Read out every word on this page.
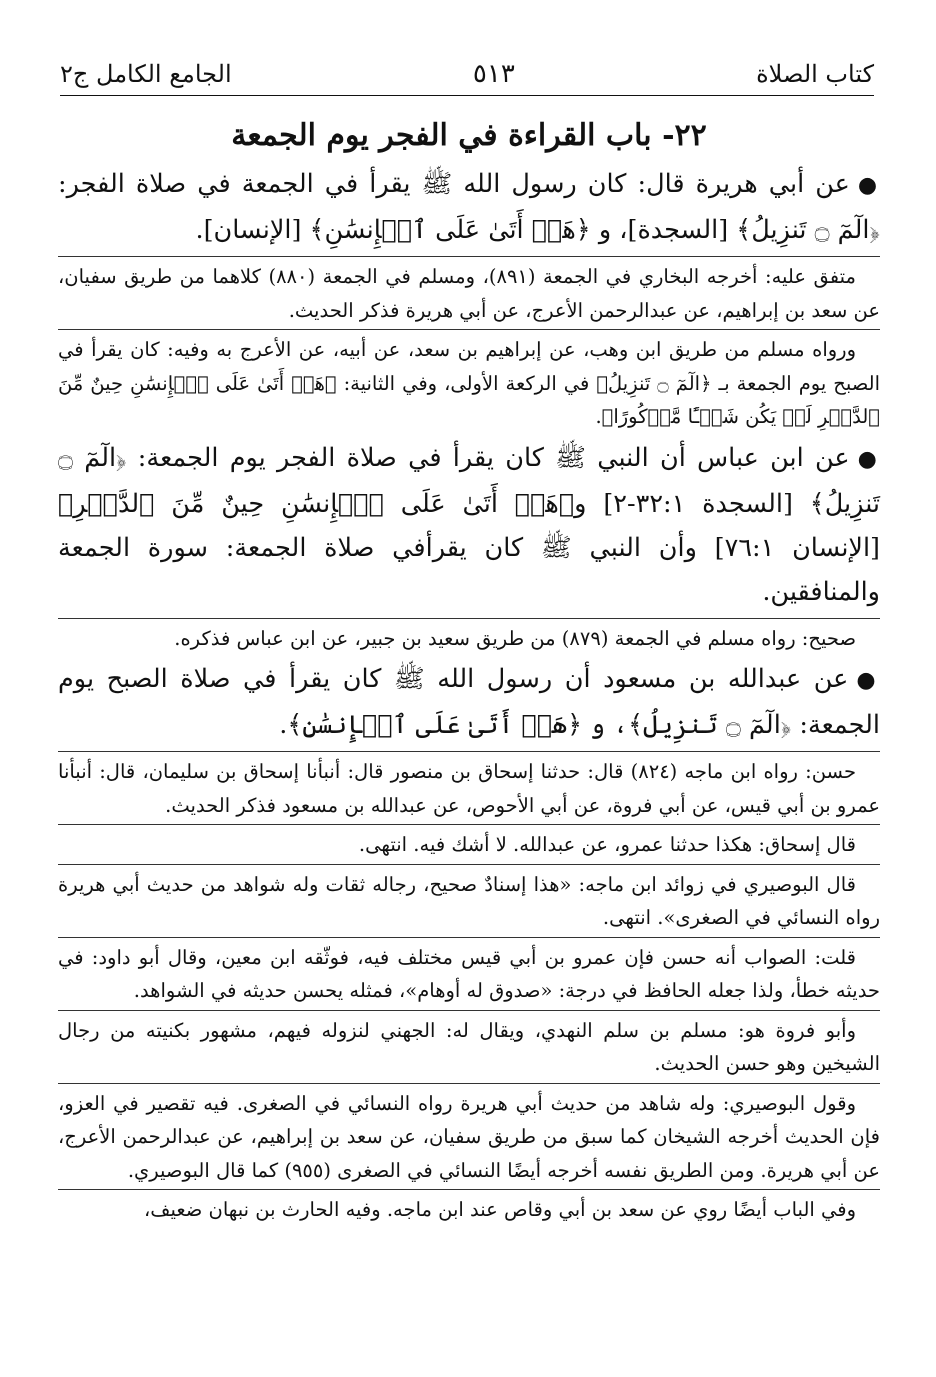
كتاب الصلاة
٥١٣
الجامع الكامل ج٢
٢٢- باب القراءة في الفجر يوم الجمعة

●عن أبي هريرة قال: كان رسول الله ﷺ يقرأ في الجمعة في صلاة الفجر: ﴿الٓمٓ ۝ تَنزِيلُ﴾ [السجدة]، و ﴿هَلۡ أَتَىٰ عَلَى ٱلۡإِنسَٰنِ﴾ [الإنسان].

متفق عليه: أخرجه البخاري في الجمعة (٨٩١)، ومسلم في الجمعة (٨٨٠) كلاهما من طريق سفيان، عن سعد بن إبراهيم، عن عبدالرحمن الأعرج، عن أبي هريرة فذكر الحديث.

ورواه مسلم من طريق ابن وهب، عن إبراهيم بن سعد، عن أبيه، عن الأعرج به وفيه: كان يقرأ في الصبح يوم الجمعة بـ ﴿الٓمٓ ۝ تَنزِيلُ﴾ في الركعة الأولى، وفي الثانية: ﴿هَلۡ أَتَىٰ عَلَى ٱلۡإِنسَٰنِ حِينٌ مِّنَ ٱلدَّهۡرِ لَمۡ يَكُن شَيۡـًٔا مَّذۡكُورًا﴾.

●عن ابن عباس أن النبي ﷺ كان يقرأ في صلاة الفجر يوم الجمعة: ﴿الٓمٓ ۝ تَنزِيلُ﴾ [السجدة ٣٢:١-٢] و﴿هَلۡ أَتَىٰ عَلَى ٱلۡإِنسَٰنِ حِينٌ مِّنَ ٱلدَّهۡرِ﴾ [الإنسان ٧٦:١] وأن النبي ﷺ كان يقرأفي صلاة الجمعة: سورة الجمعة والمنافقين.

صحيح: رواه مسلم في الجمعة (٨٧٩) من طريق سعيد بن جبير، عن ابن عباس فذكره.

●عن عبدالله بن مسعود أن رسول الله ﷺ كان يقرأ في صلاة الصبح يوم الجمعة: ﴿الٓمٓ ۝ تَنزِيلُ﴾، و ﴿هَلۡ أَتَىٰ عَلَى ٱلۡإِنسَٰنِ﴾.

حسن: رواه ابن ماجه (٨٢٤) قال: حدثنا إسحاق بن منصور قال: أنبأنا إسحاق بن سليمان، قال: أنبأنا عمرو بن أبي قيس، عن أبي فروة، عن أبي الأحوص، عن عبدالله بن مسعود فذكر الحديث.

قال إسحاق: هكذا حدثنا عمرو، عن عبدالله. لا أشك فيه. انتهى.

قال البوصيري في زوائد ابن ماجه: «هذا إسنادٌ صحيح، رجاله ثقات وله شواهد من حديث أبي هريرة رواه النسائي في الصغرى». انتهى.

قلت: الصواب أنه حسن فإن عمرو بن أبي قيس مختلف فيه، فوثّقه ابن معين، وقال أبو داود: في حديثه خطأ، ولذا جعله الحافظ في درجة: «صدوق له أوهام»، فمثله يحسن حديثه في الشواهد.

وأبو فروة هو: مسلم بن سلم النهدي، ويقال له: الجهني لنزوله فيهم، مشهور بكنيته من رجال الشيخين وهو حسن الحديث.

وقول البوصيري: وله شاهد من حديث أبي هريرة رواه النسائي في الصغرى. فيه تقصير في العزو، فإن الحديث أخرجه الشيخان كما سبق من طريق سفيان، عن سعد بن إبراهيم، عن عبدالرحمن الأعرج، عن أبي هريرة. ومن الطريق نفسه أخرجه أيضًا النسائي في الصغرى (٩٥٥) كما قال البوصيري.

وفي الباب أيضًا روي عن سعد بن أبي وقاص عند ابن ماجه. وفيه الحارث بن نبهان ضعيف،
